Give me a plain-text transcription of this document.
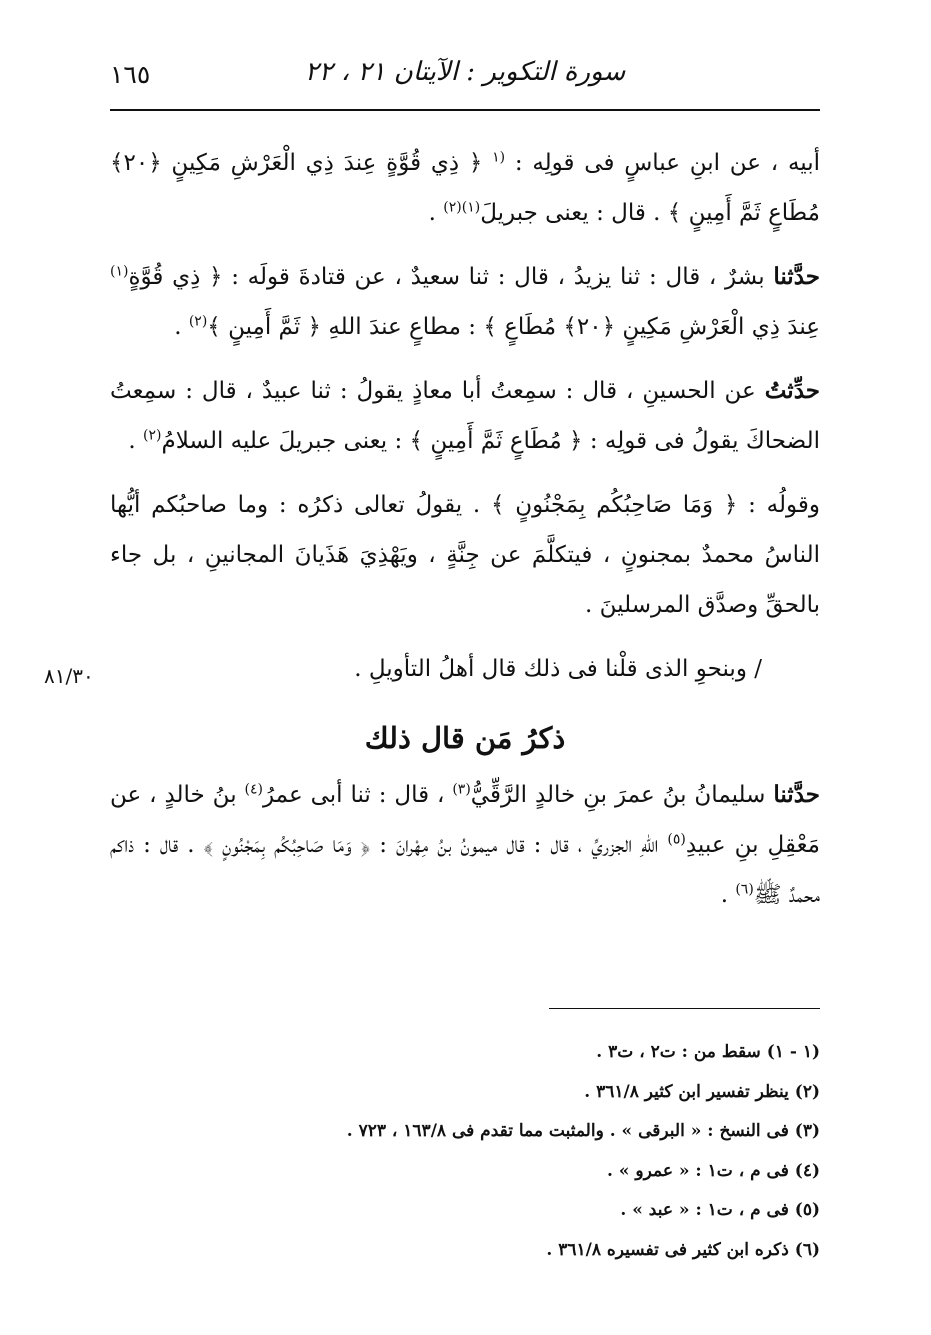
١٦٥	سورة التكوير : الآيتان ٢١ ، ٢٢
٨١/٣٠

أبيه ، عن ابنِ عباسٍ فى قولِه : $^{(١}$ ﴿ ذِي قُوَّةٍ عِندَ ذِي الْعَرْشِ مَكِينٍ ﴿٢٠﴾ مُطَاعٍ ثَمَّ أَمِينٍ ﴾ . قال : يعنى جبريلَ$^{(١)(٢)}$ .

حدَّثنا بشرٌ ، قال : ثنا يزيدُ ، قال : ثنا سعيدٌ ، عن قتادةَ قولَه : ﴿ ذِي قُوَّةٍ$^{(١)}$ عِندَ ذِي الْعَرْشِ مَكِينٍ ﴿٢٠﴾ مُطَاعٍ ﴾ : مطاعٍ عندَ اللهِ ﴿ ثَمَّ أَمِينٍ ﴾$^{(٢)}$ .

حدِّثتُ عن الحسينِ ، قال : سمِعتُ أبا معاذٍ يقولُ : ثنا عبيدٌ ، قال : سمِعتُ الضحاكَ يقولُ فى قولِه : ﴿ مُطَاعٍ ثَمَّ أَمِينٍ ﴾ : يعنى جبريلَ عليه السلامُ$^{(٢)}$ .

وقولُه : ﴿ وَمَا صَاحِبُكُم بِمَجْنُونٍ ﴾ . يقولُ تعالى ذكرُه : وما صاحبُكم أيُّها الناسُ محمدٌ بمجنونٍ ، فيتكلَّمَ عن جِنَّةٍ ، ويَهْذِيَ هَذَيانَ المجانينِ ، بل جاء بالحقِّ وصدَّق المرسلينَ .

/ وبنحوِ الذى قلْنا فى ذلك قال أهلُ التأويلِ .

ذكرُ مَن قال ذلك

حدَّثنا سليمانُ بنُ عمرَ بنِ خالدٍ الرَّقِّيُّ$^{(٣)}$ ، قال : ثنا أبى عمرُ$^{(٤)}$ بنُ خالدٍ ، عن مَعْقِلِ بنِ عبيدِ$^{(٥)}$ اللهِ الجزريِّ ، قال : قال ميمونُ بنُ مِهْرانَ : ﴿ وَمَا صَاحِبُكُم بِمَجْنُونٍ ﴾ . قال : ذاكم محمدٌ ﷺ$^{(٦)}$ .

(١ - ١) سقط من : ت٢ ، ت٣ .
(٢) ينظر تفسير ابن كثير ٣٦١/٨ .
(٣) فى النسخ : « البرقى » . والمثبت مما تقدم فى ١٦٣/٨ ، ٧٢٣ .
(٤) فى م ، ت١ : « عمرو » .
(٥) فى م ، ت١ : « عبد » .
(٦) ذكره ابن كثير فى تفسيره ٣٦١/٨ .
